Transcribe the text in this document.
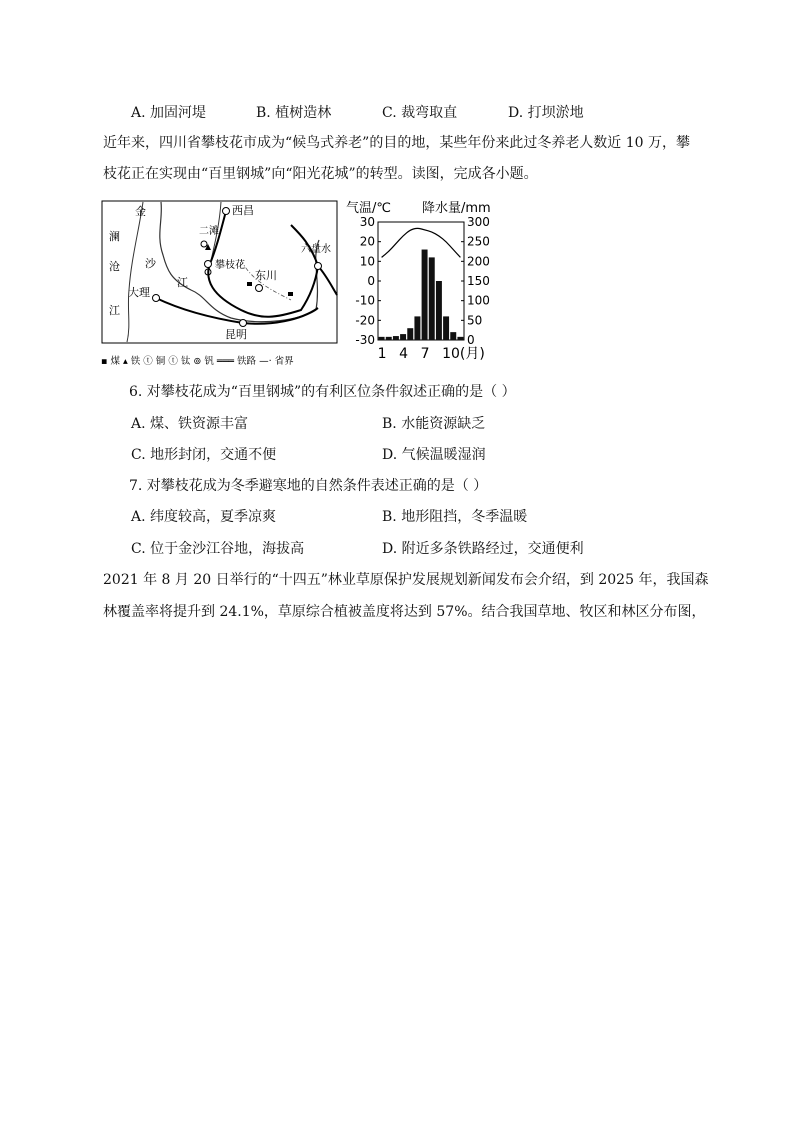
A. 加固河堤	B. 植树造林	C. 裁弯取直	D. 打坝淤地
近年来，四川省攀枝花市成为“候鸟式养老”的目的地，某些年份来此过冬养老人数近 10 万，攀
枝花正在实现由“百里钢城”向“阳光花城”的转型。读图，完成各小题。
金
澜
沧
江
沙
江
西昌
二滩
攀枝花
东川
六盘水
大理
昆明
▪ 煤 ▴ 铁 ⓣ 铜 ⓣ 钛 ⊚ 钒 ═══ 铁路 —· 省界
气温/℃ 降水量/mm
30
20
10
0
-10
-20
-30
300
250
200
150
100
50
0
1 4 7 10(月)
6. 对攀枝花成为“百里钢城”的有利区位条件叙述正确的是（ ）
A. 煤、铁资源丰富	B. 水能资源缺乏
C. 地形封闭，交通不便	D. 气候温暖湿润
7. 对攀枝花成为冬季避寒地的自然条件表述正确的是（ ）
A. 纬度较高，夏季凉爽	B. 地形阻挡，冬季温暖
C. 位于金沙江谷地，海拔高	D. 附近多条铁路经过，交通便利
2021 年 8 月 20 日举行的“十四五”林业草原保护发展规划新闻发布会介绍，到 2025 年，我国森
林覆盖率将提升到 24.1%，草原综合植被盖度将达到 57%。结合我国草地、牧区和林区分布图，
